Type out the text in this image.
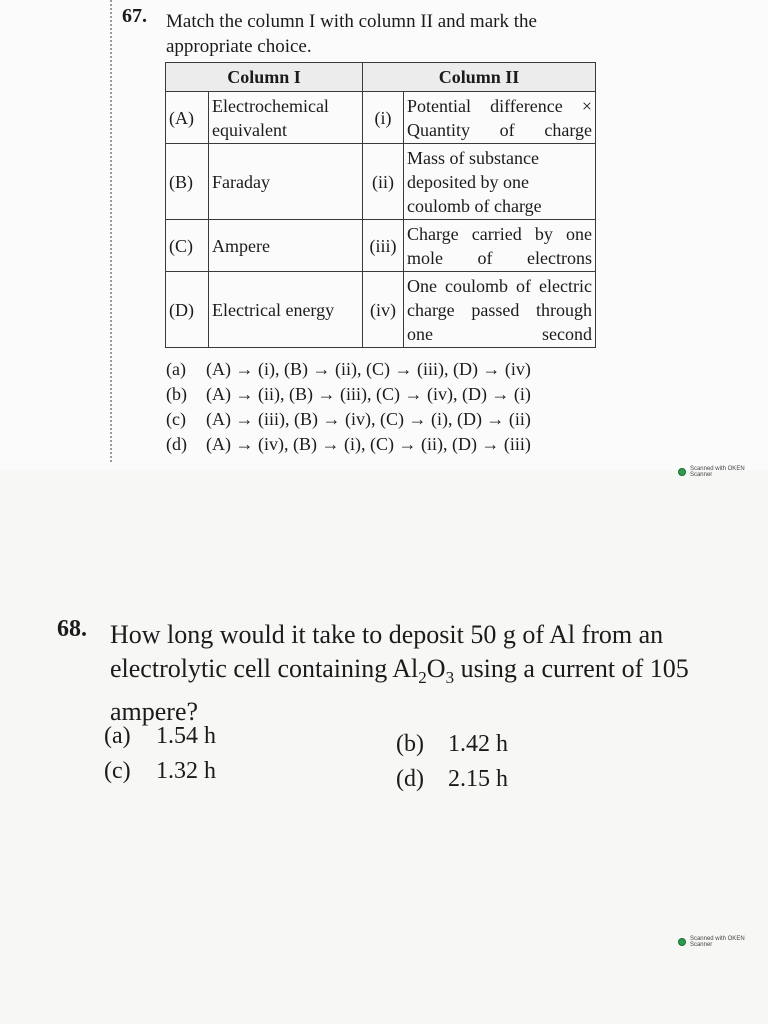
67. Match the column I with column II and mark the appropriate choice.
Column I		Column II	
(A)	Electrochemical equivalent	(i)	Potential difference × Quantity of charge
(B)	Faraday	(ii)	Mass of substance deposited by one coulomb of charge
(C)	Ampere	(iii)	Charge carried by one mole of electrons
(D)	Electrical energy	(iv)	One coulomb of electric charge passed through one second
(a) (A) → (i), (B) → (ii), (C) → (iii), (D) → (iv)
(b) (A) → (ii), (B) → (iii), (C) → (iv), (D) → (i)
(c) (A) → (iii), (B) → (iv), (C) → (i), (D) → (ii)
(d) (A) → (iv), (B) → (i), (C) → (ii), (D) → (iii)
Scanned with OKEN Scanner
68. How long would it take to deposit 50 g of Al from an electrolytic cell containing $Al_2O_3$ using a current of 105 ampere?
(a) 1.54 h	(b) 1.42 h
(c) 1.32 h	(d) 2.15 h
Scanned with OKEN Scanner
